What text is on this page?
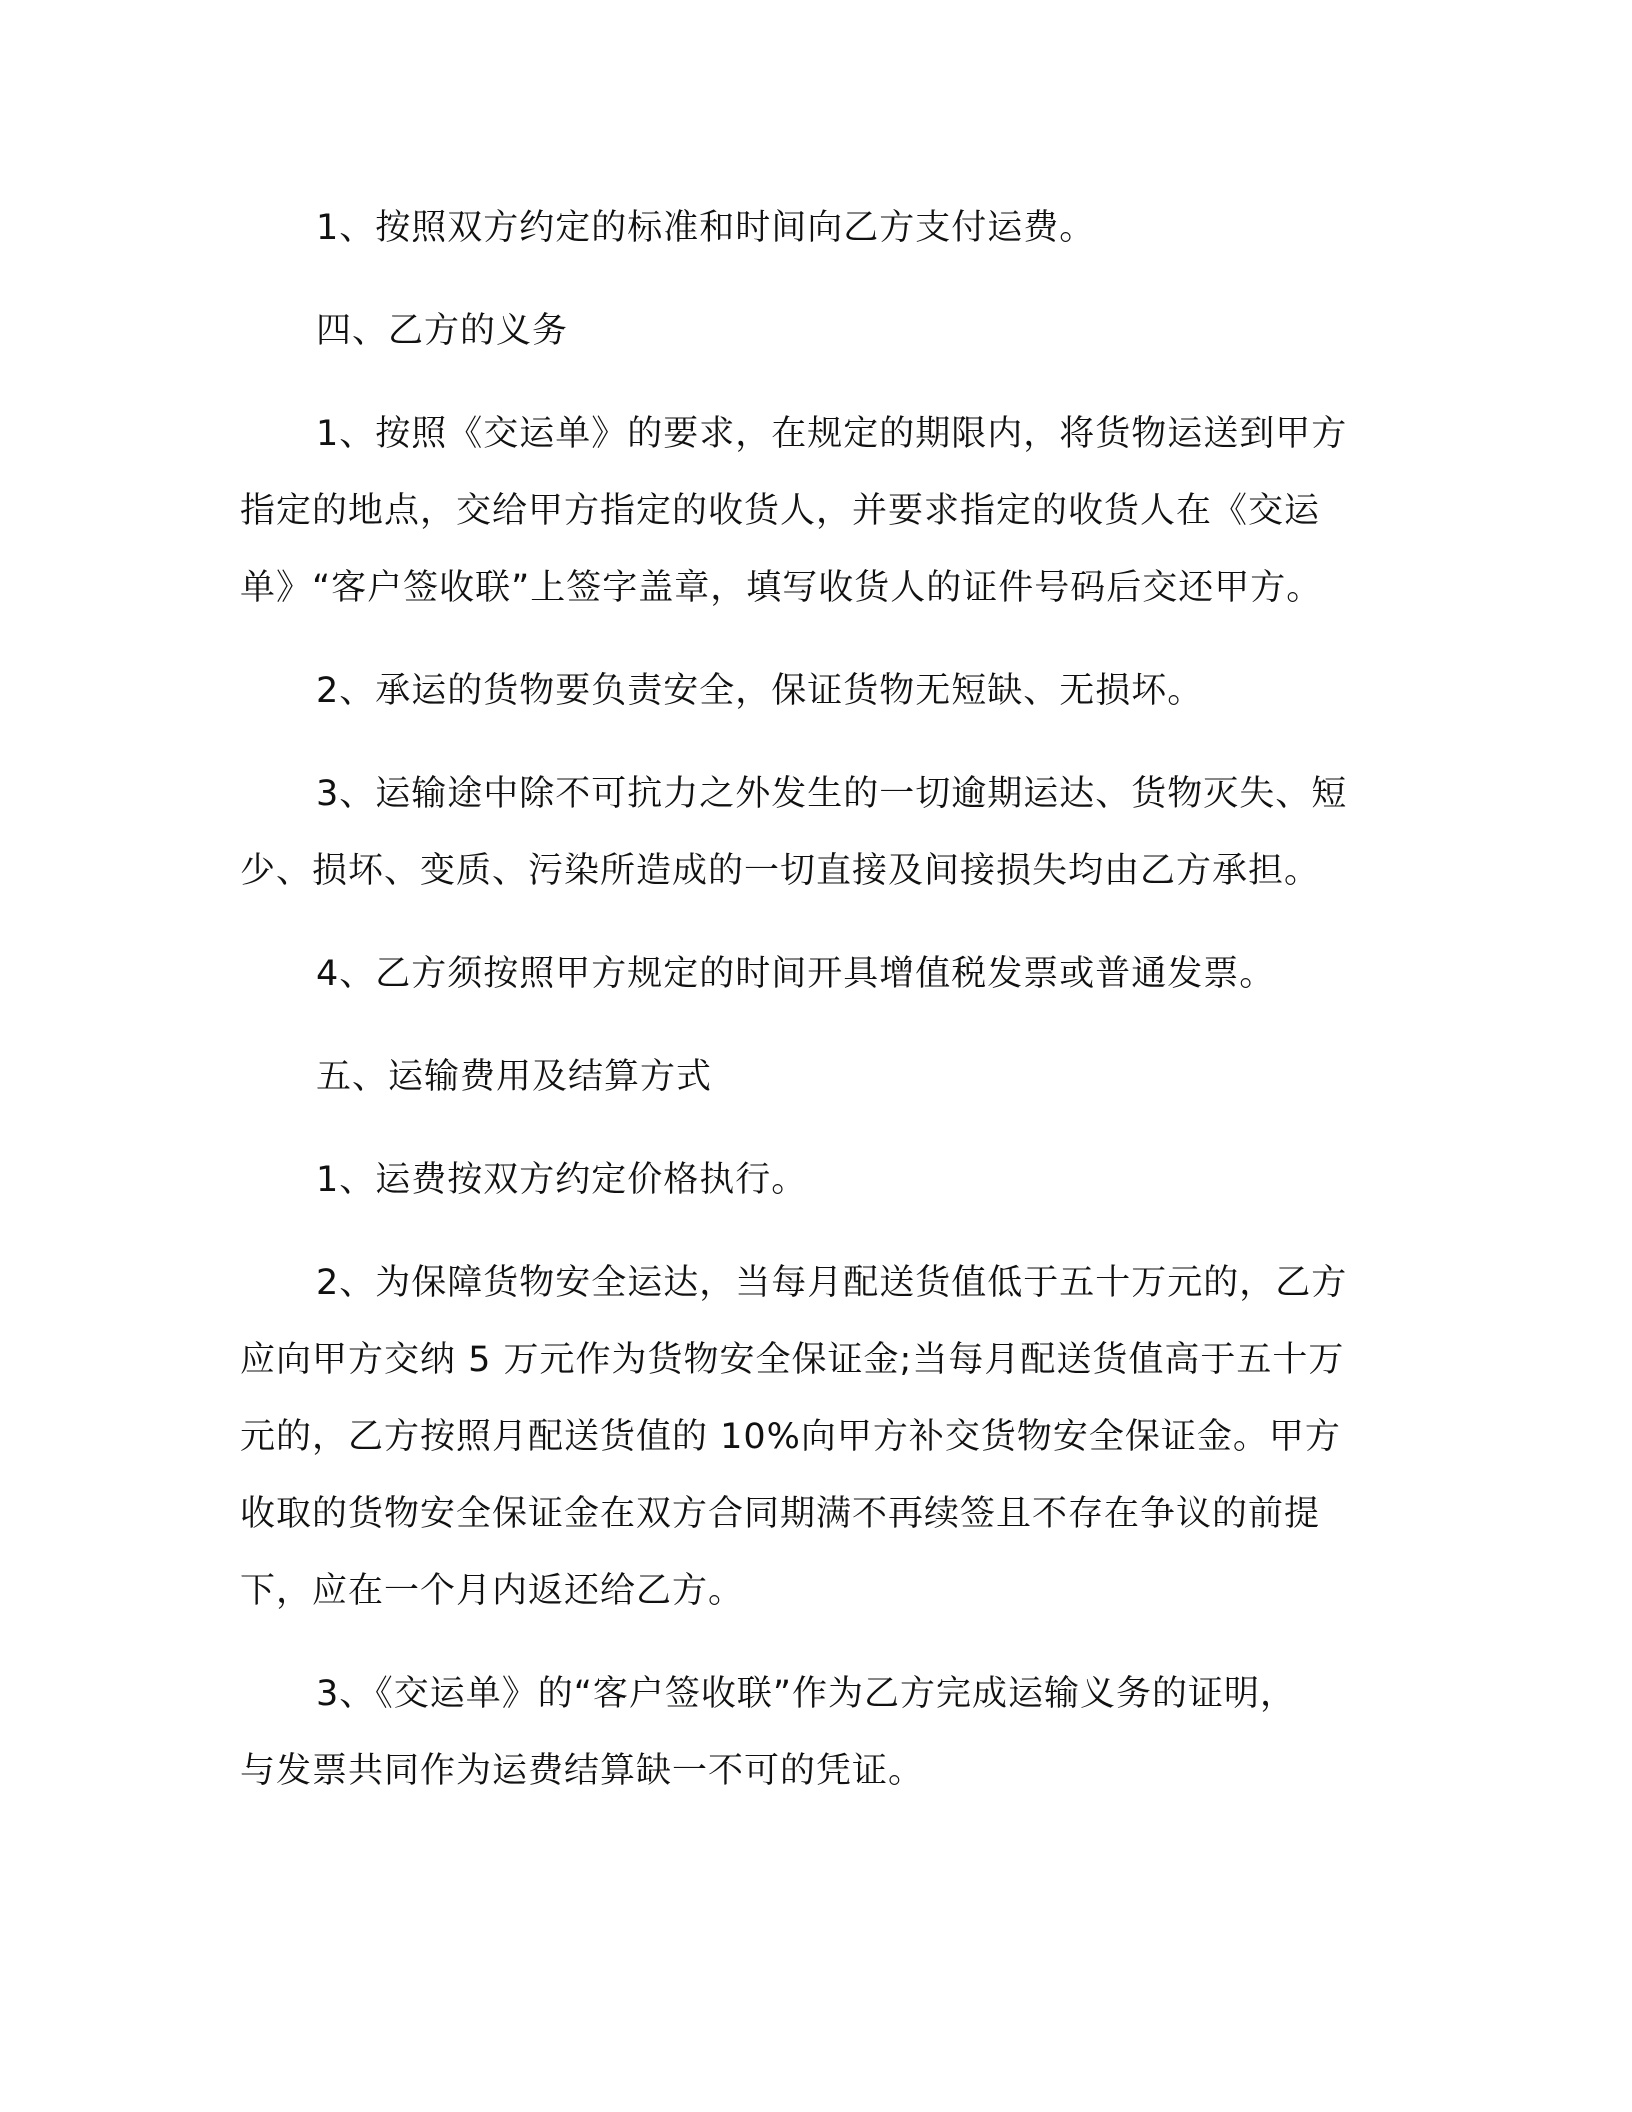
1、按照双方约定的标准和时间向乙方支付运费。

四、乙方的义务

1、按照《交运单》的要求，在规定的期限内，将货物运送到甲方
指定的地点，交给甲方指定的收货人，并要求指定的收货人在《交运
单》“客户签收联”上签字盖章，填写收货人的证件号码后交还甲方。

2、承运的货物要负责安全，保证货物无短缺、无损坏。

3、运输途中除不可抗力之外发生的一切逾期运达、货物灭失、短
少、损坏、变质、污染所造成的一切直接及间接损失均由乙方承担。

4、乙方须按照甲方规定的时间开具增值税发票或普通发票。

五、运输费用及结算方式

1、运费按双方约定价格执行。

2、为保障货物安全运达，当每月配送货值低于五十万元的，乙方
应向甲方交纳 5 万元作为货物安全保证金;当每月配送货值高于五十万
元的，乙方按照月配送货值的 10%向甲方补交货物安全保证金。甲方
收取的货物安全保证金在双方合同期满不再续签且不存在争议的前提
下，应在一个月内返还给乙方。

3、《交运单》的“客户签收联”作为乙方完成运输义务的证明，
与发票共同作为运费结算缺一不可的凭证。
